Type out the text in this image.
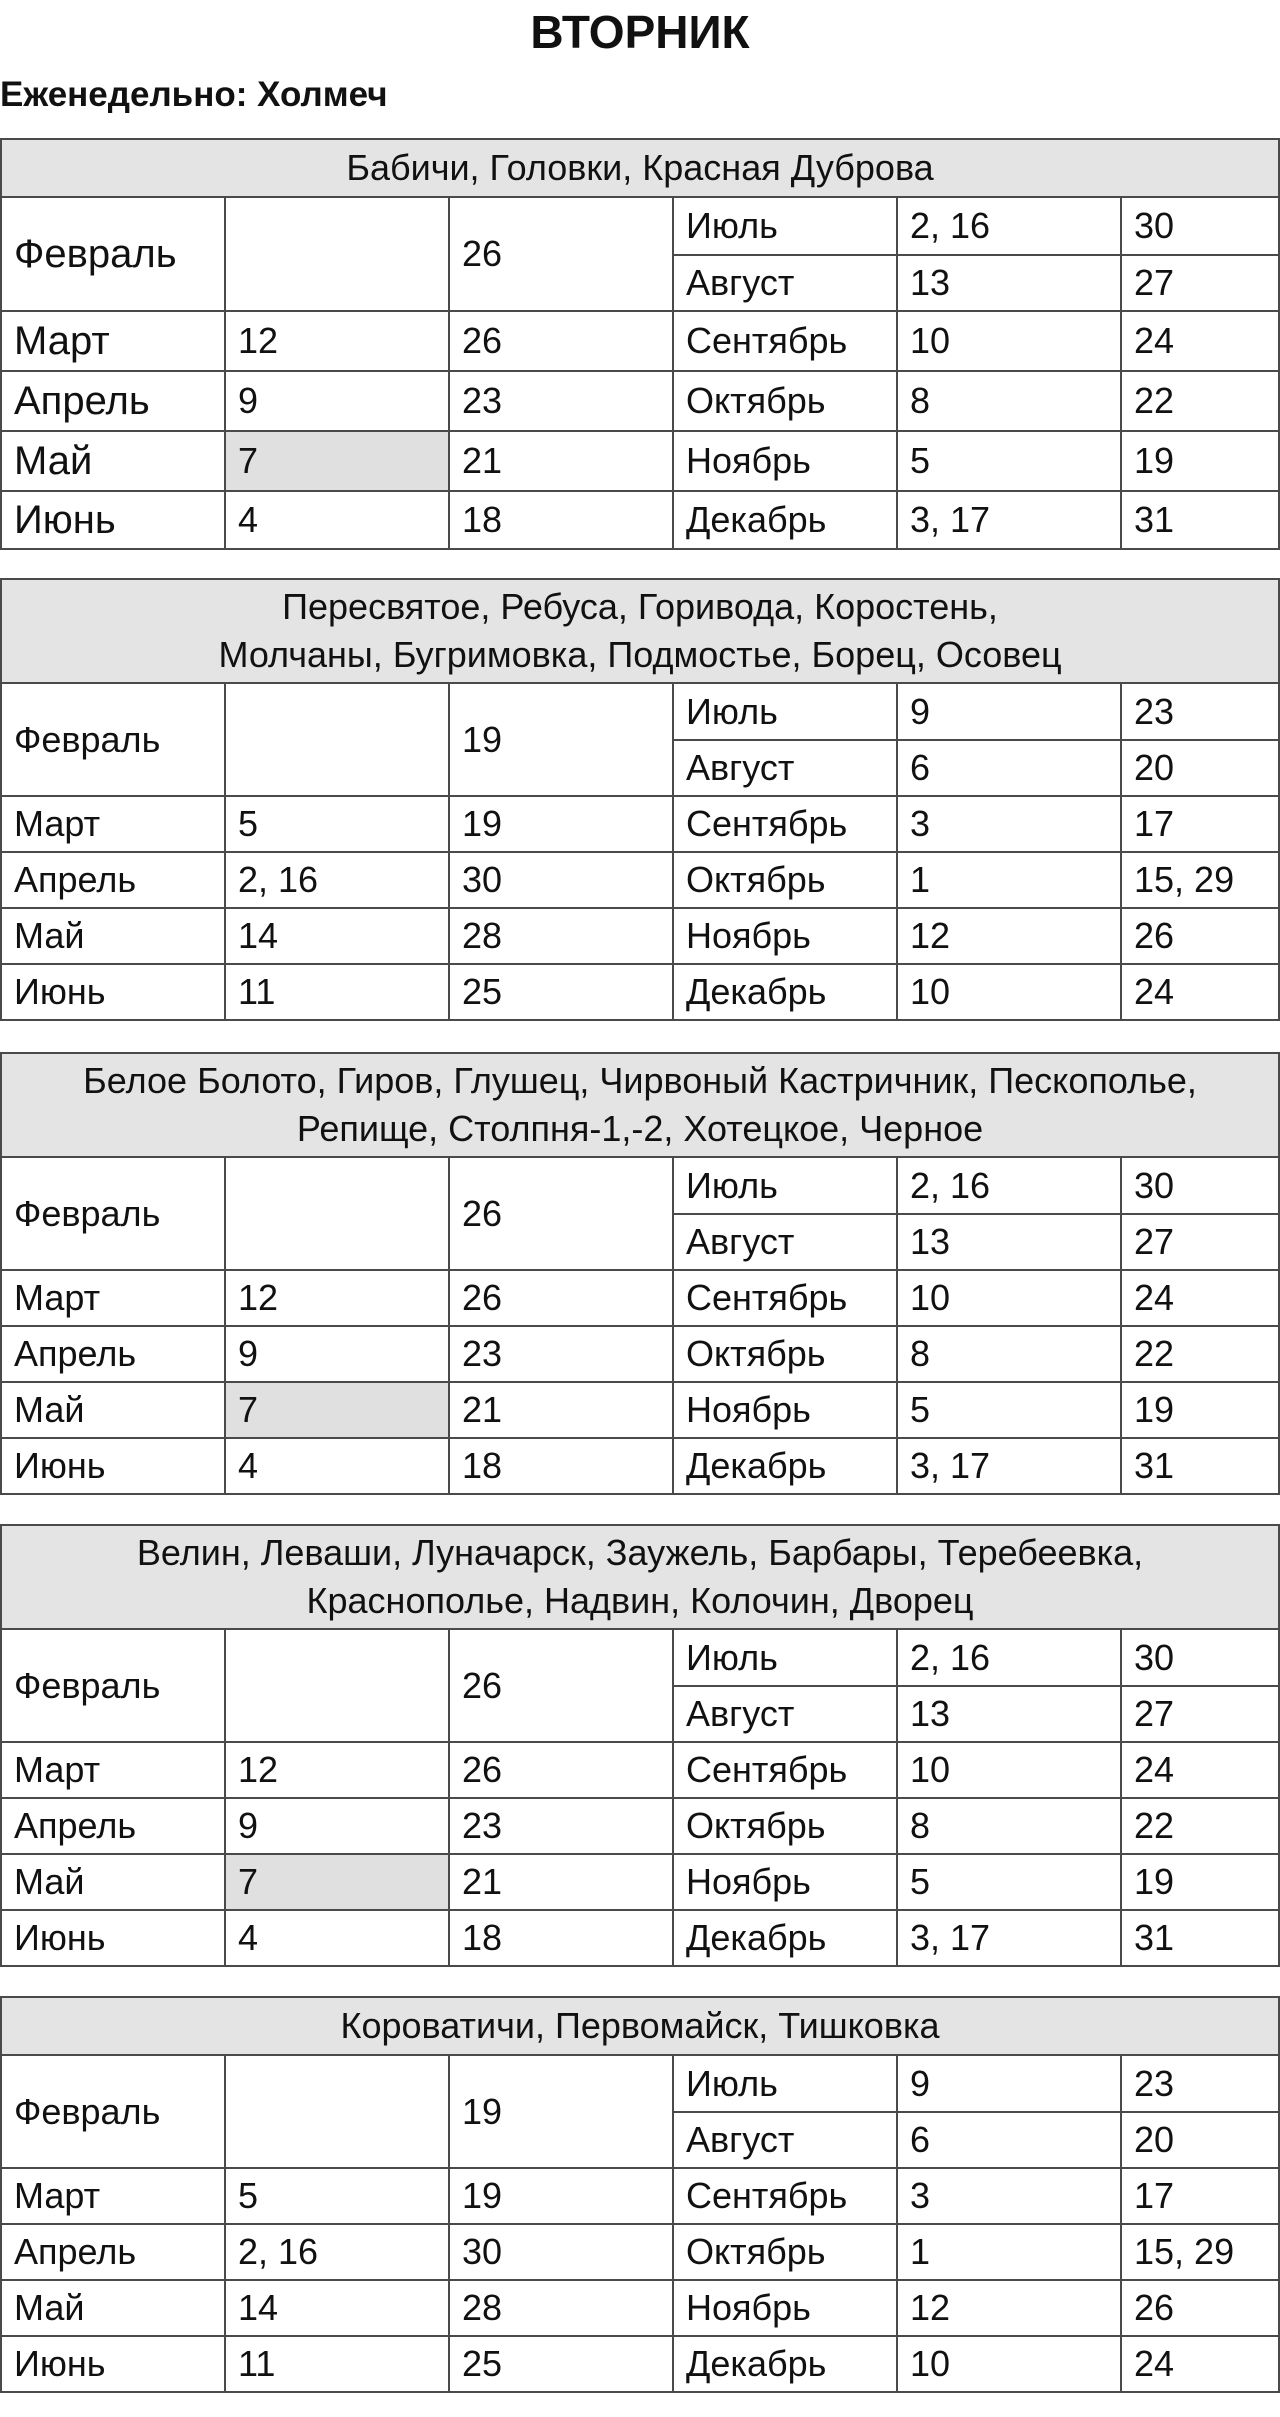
ВТОРНИК
Еженедельно: Холмеч
Бабичи, Головки, Красная Дуброва					

Февраль		26	Июль	2, 16	30
			Август	13	27
Март	12	26	Сентябрь	10	24
Апрель	9	23	Октябрь	8	22
Май	7	21	Ноябрь	5	19
Июнь	4	18	Декабрь	3, 17	31
Пересвятое, Ребуса, Горивода, Коростень,
Молчаны, Бугримовка, Подмостье, Борец, Осовец					

Февраль		19	Июль	9	23
			Август	6	20
Март	5	19	Сентябрь	3	17
Апрель	2, 16	30	Октябрь	1	15, 29
Май	14	28	Ноябрь	12	26
Июнь	11	25	Декабрь	10	24
Белое Болото, Гиров, Глушец, Чирвоный Кастричник, Пескополье,
Репище, Столпня-1,-2, Хотецкое, Черное					

Февраль		26	Июль	2, 16	30
			Август	13	27
Март	12	26	Сентябрь	10	24
Апрель	9	23	Октябрь	8	22
Май	7	21	Ноябрь	5	19
Июнь	4	18	Декабрь	3, 17	31
Велин, Леваши, Луначарск, Заужель, Барбары, Теребеевка,
Краснополье, Надвин, Колочин, Дворец					

Февраль		26	Июль	2, 16	30
			Август	13	27
Март	12	26	Сентябрь	10	24
Апрель	9	23	Октябрь	8	22
Май	7	21	Ноябрь	5	19
Июнь	4	18	Декабрь	3, 17	31
Короватичи, Первомайск, Тишковка					

Февраль		19	Июль	9	23
			Август	6	20
Март	5	19	Сентябрь	3	17
Апрель	2, 16	30	Октябрь	1	15, 29
Май	14	28	Ноябрь	12	26
Июнь	11	25	Декабрь	10	24
